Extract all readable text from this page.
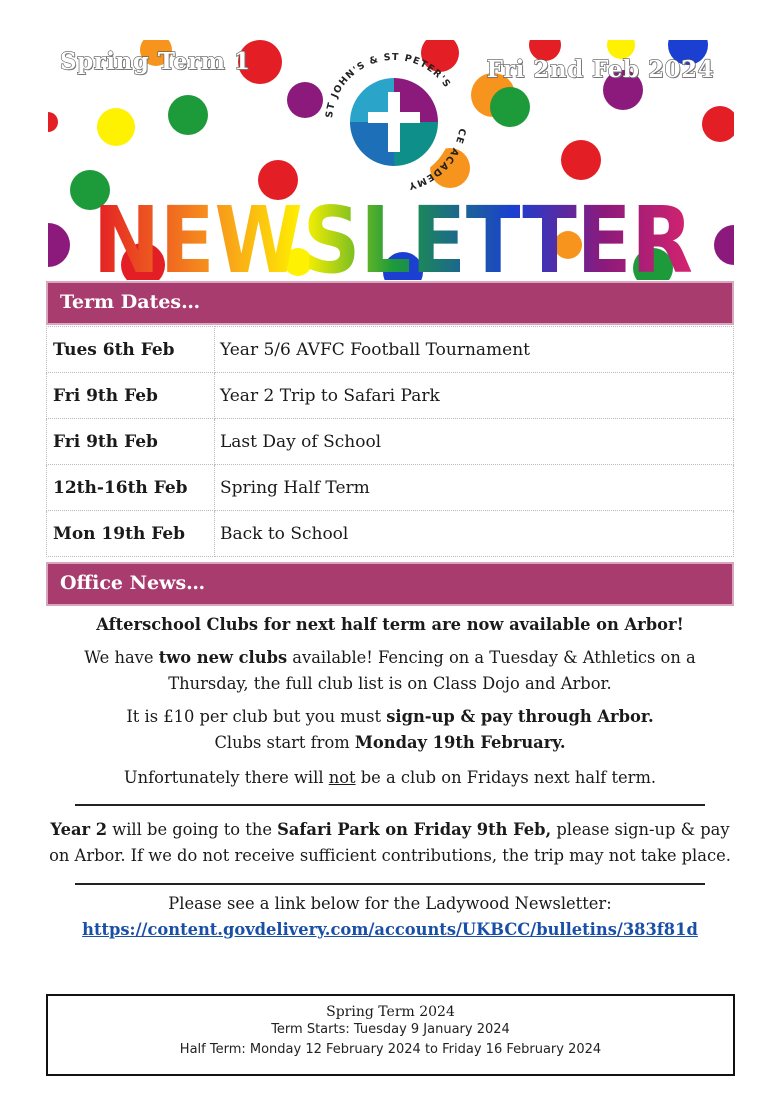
Spring Term 1	Fri 2nd Feb 2024
ST JOHN'S & ST PETER'S
CE ACADEMY
NEWSLETTER
Term Dates…
Tues 6th Feb	Year 5/6 AVFC Football Tournament
Fri 9th Feb	Year 2 Trip to Safari Park
Fri 9th Feb	Last Day of School
12th-16th Feb	Spring Half Term
Mon 19th Feb	Back to School
Office News…

Afterschool Clubs for next half term are now available on Arbor!

We have two new clubs available! Fencing on a Tuesday & Athletics on a Thursday, the full club list is on Class Dojo and Arbor.

It is £10 per club but you must sign-up & pay through Arbor.

Clubs start from Monday 19th February.

Unfortunately there will not be a club on Fridays next half term.

Year 2 will be going to the Safari Park on Friday 9th Feb, please sign-up & pay on Arbor. If we do not receive sufficient contributions, the trip may not take place.

Please see a link below for the Ladywood Newsletter:

https://content.govdelivery.com/accounts/UKBCC/bulletins/383f81d

Spring Term 2024
Term Starts: Tuesday 9 January 2024
Half Term: Monday 12 February 2024 to Friday 16 February 2024
